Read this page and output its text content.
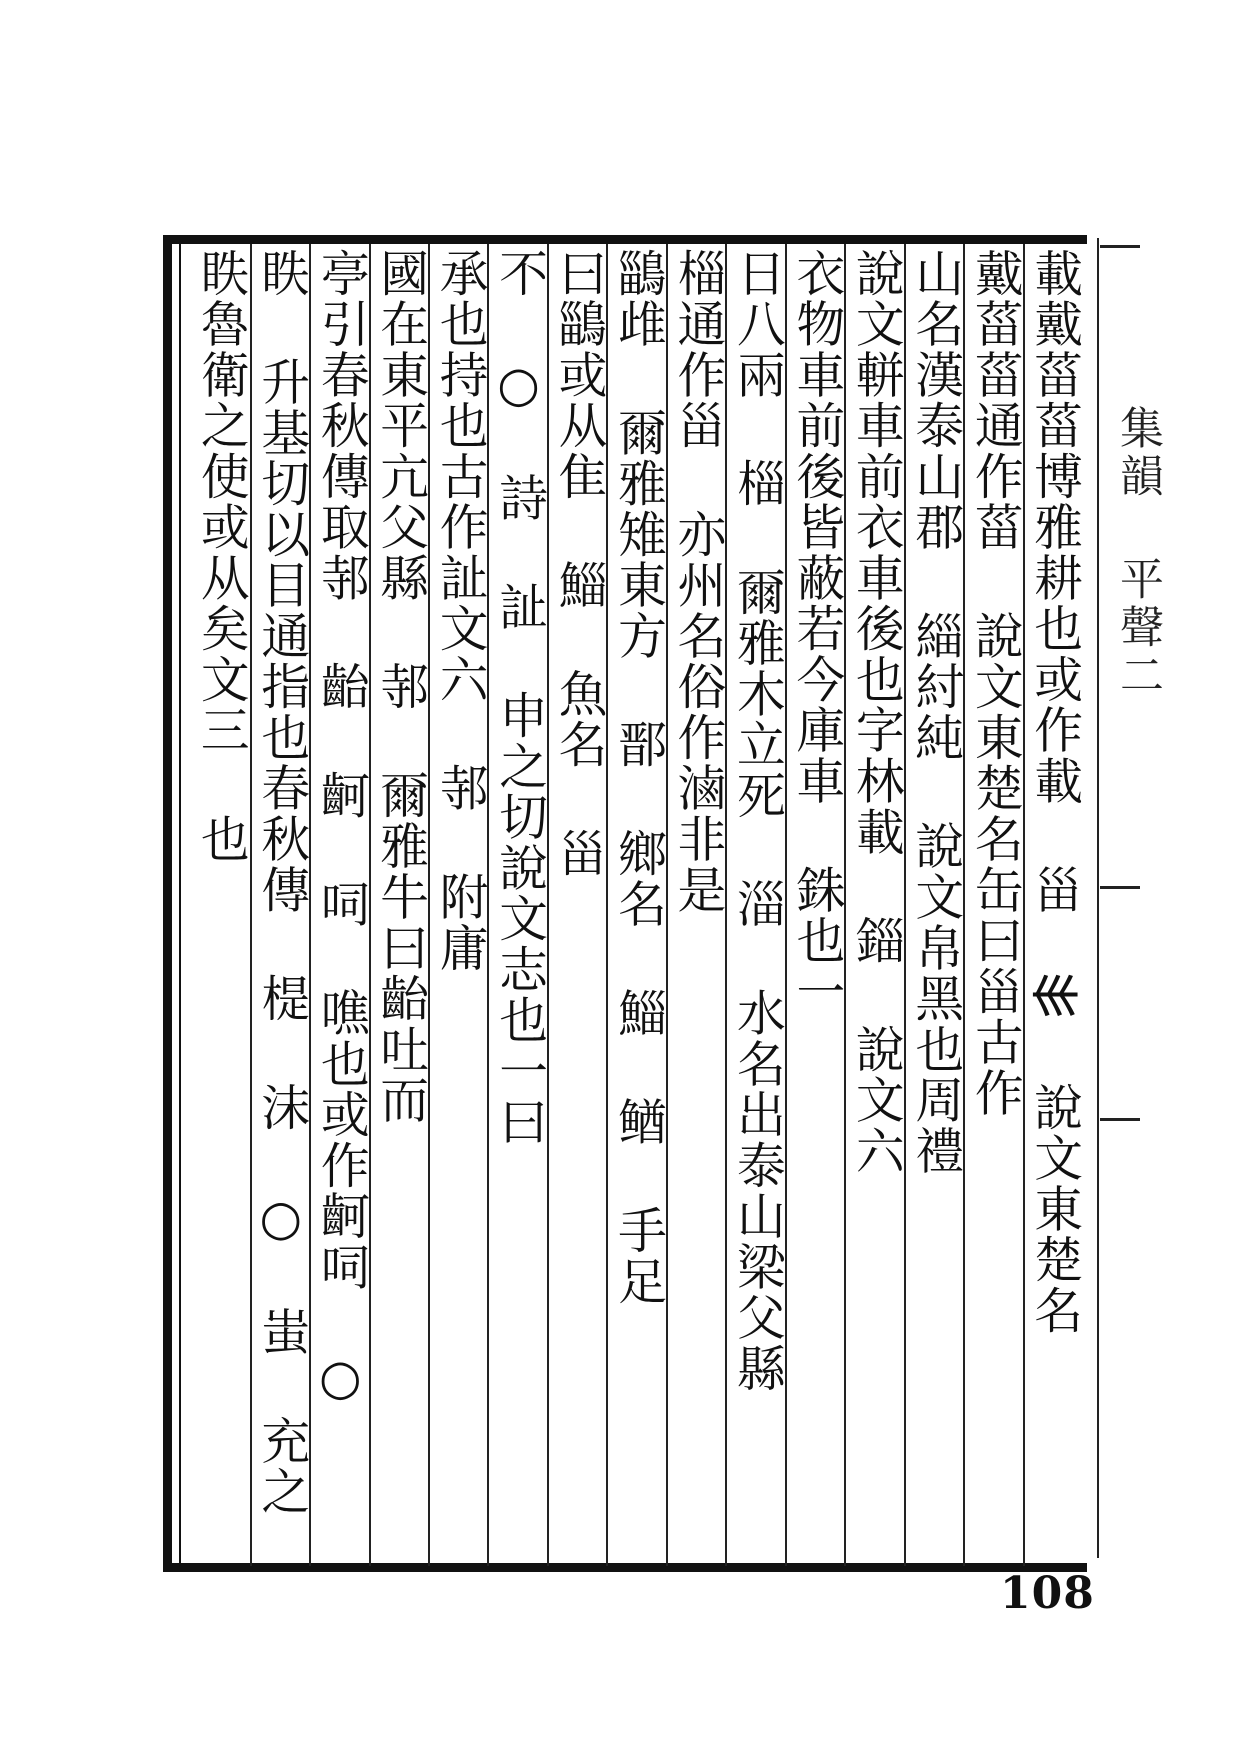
集韻 平聲二
載戴菑菑博雅耕也或作載 甾 𡿧 說文東楚名
戴菑菑通作菑 說文東楚名缶曰甾古作
山名漢泰山郡 緇紂純 說文帛黑也周禮
說文軿車前衣車後也字林載 錙 說文六
衣物車前後皆蔽若今庫車 銖也一
日八兩 椔 爾雅木立死 淄 水名出泰山梁父縣
椔通作甾 亦州名俗作滷非是
鶅䧳 爾雅雉東方 鄑 鄉名 鯔 䲡 手足
曰鶅或从隹 鯔 魚名 甾
不 ○ 詩 訨 申之切說文志也一曰
承也持也古作訨文六 邿 附庸
國在東平亢父縣 邿 爾雅牛曰齝吐而
亭引春秋傳取邿 齝 䶗 呞 噍也或作䶗呞 ○
眣 升基切以目通指也春秋傳 㮛 沫 ○ 蚩 充之
眣魯衛之使或从矣文三 也
108
